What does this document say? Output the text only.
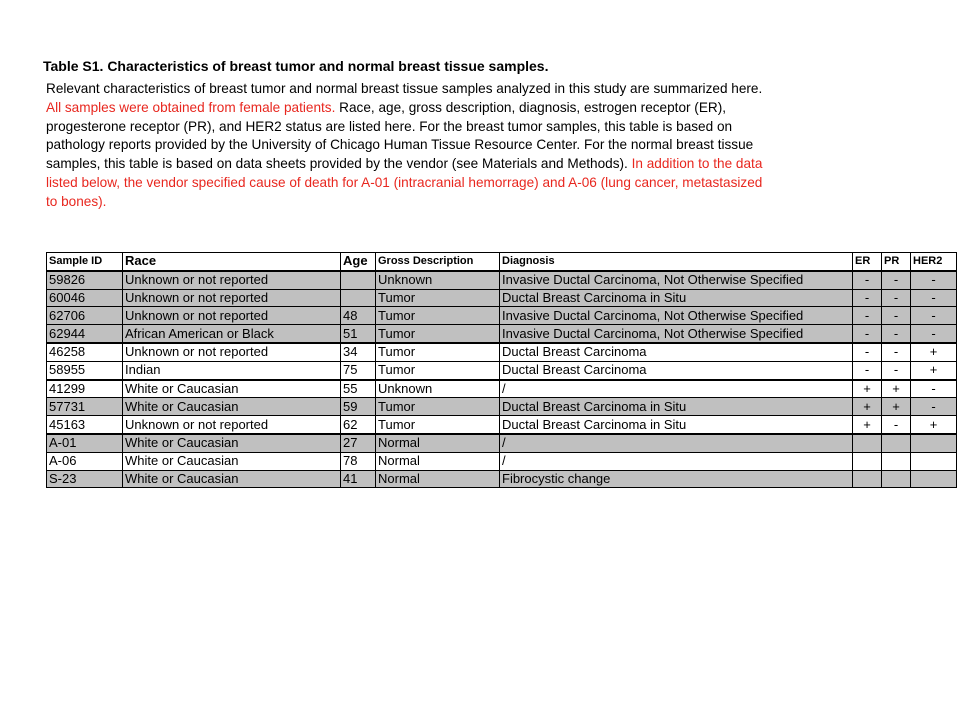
Table S1. Characteristics of breast tumor and normal breast tissue samples.
Relevant characteristics of breast tumor and normal breast tissue samples analyzed in this study are summarized here. All samples were obtained from female patients. Race, age, gross description, diagnosis, estrogen receptor (ER), progesterone receptor (PR), and HER2 status are listed here. For the breast tumor samples, this table is based on pathology reports provided by the University of Chicago Human Tissue Resource Center. For the normal breast tissue samples, this table is based on data sheets provided by the vendor (see Materials and Methods). In addition to the data listed below, the vendor specified cause of death for A-01 (intracranial hemorrage) and A-06 (lung cancer, metastasized to bones).
Sample ID	Race	Age	Gross Description	Diagnosis	ER	PR	HER2
59826	Unknown or not reported		Unknown	Invasive Ductal Carcinoma, Not Otherwise Specified	-	-	-
60046	Unknown or not reported		Tumor	Ductal Breast Carcinoma in Situ	-	-	-
62706	Unknown or not reported	48	Tumor	Invasive Ductal Carcinoma, Not Otherwise Specified	-	-	-
62944	African American or Black	51	Tumor	Invasive Ductal Carcinoma, Not Otherwise Specified	-	-	-
46258	Unknown or not reported	34	Tumor	Ductal Breast Carcinoma	-	-	+
58955	Indian	75	Tumor	Ductal Breast Carcinoma	-	-	+
41299	White or Caucasian	55	Unknown	/	+	+	-
57731	White or Caucasian	59	Tumor	Ductal Breast Carcinoma in Situ	+	+	-
45163	Unknown or not reported	62	Tumor	Ductal Breast Carcinoma in Situ	+	-	+
A-01	White or Caucasian	27	Normal	/			
A-06	White or Caucasian	78	Normal	/			
S-23	White or Caucasian	41	Normal	Fibrocystic change			
